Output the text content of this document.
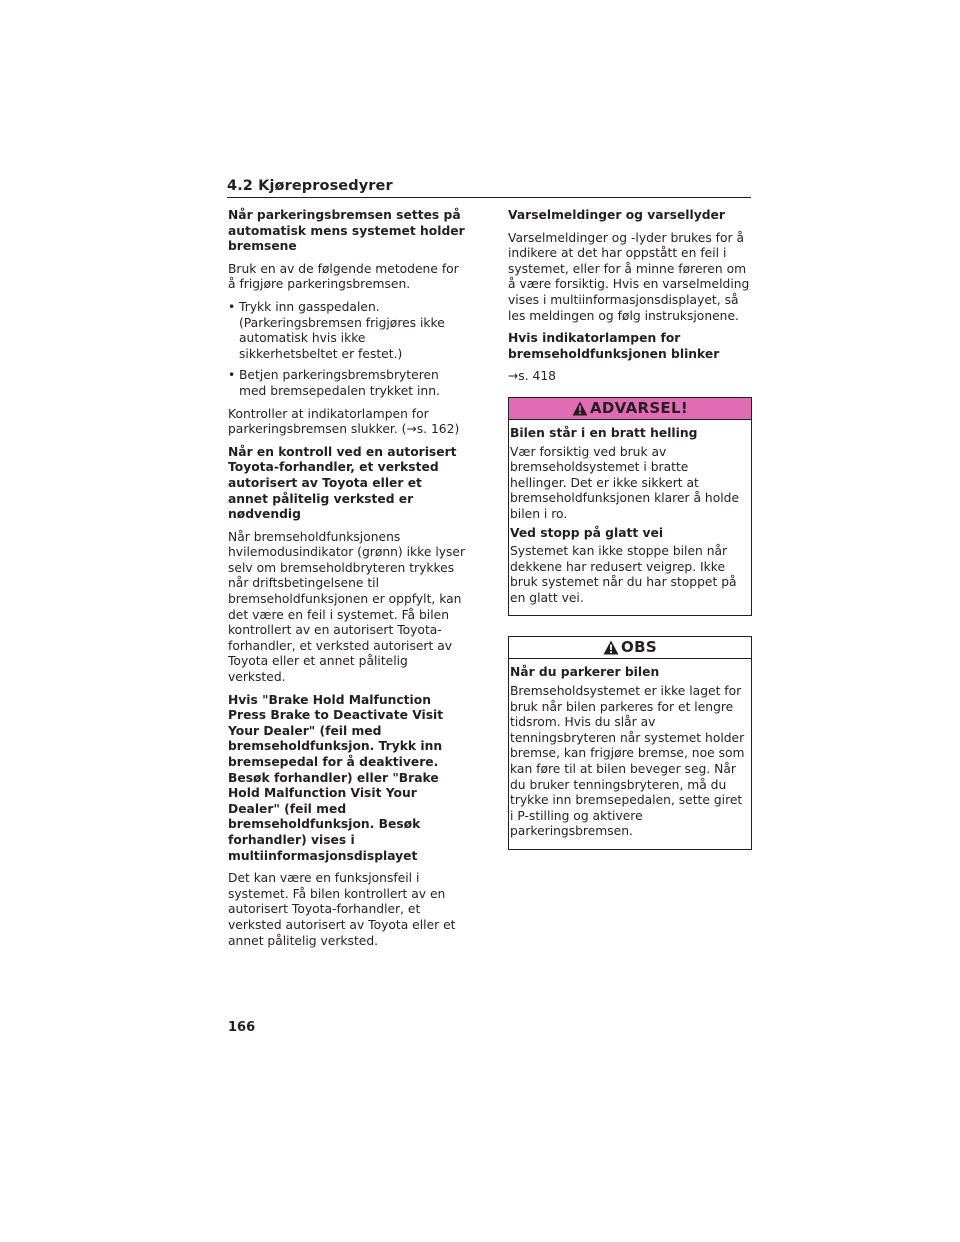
4.2 Kjøreprosedyrer
Når parkeringsbremsen settes på automatisk mens systemet holder bremsene
Bruk en av de følgende metodene for å frigjøre parkeringsbremsen.
• Trykk inn gasspedalen. (Parkeringsbremsen frigjøres ikke automatisk hvis ikke sikkerhetsbeltet er festet.)
• Betjen parkeringsbremsbryteren med bremsepedalen trykket inn.
Kontroller at indikatorlampen for parkeringsbremsen slukker. (→s. 162)
Når en kontroll ved en autorisert Toyota-forhandler, et verksted autorisert av Toyota eller et annet pålitelig verksted er nødvendig
Når bremseholdfunksjonens hvilemodusindikator (grønn) ikke lyser selv om bremseholdbryteren trykkes når driftsbetingelsene til bremseholdfunksjonen er oppfylt, kan det være en feil i systemet. Få bilen kontrollert av en autorisert Toyota-forhandler, et verksted autorisert av Toyota eller et annet pålitelig verksted.
Hvis "Brake Hold Malfunction Press Brake to Deactivate Visit Your Dealer" (feil med bremseholdfunksjon. Trykk inn bremsepedal for å deaktivere. Besøk forhandler) eller "Brake Hold Malfunction Visit Your Dealer" (feil med bremseholdfunksjon. Besøk forhandler) vises i multiinformasjonsdisplayet
Det kan være en funksjonsfeil i systemet. Få bilen kontrollert av en autorisert Toyota-forhandler, et verksted autorisert av Toyota eller et annet pålitelig verksted.
Varselmeldinger og varsellyder
Varselmeldinger og -lyder brukes for å indikere at det har oppstått en feil i systemet, eller for å minne føreren om å være forsiktig. Hvis en varselmelding vises i multiinformasjonsdisplayet, så les meldingen og følg instruksjonene.
Hvis indikatorlampen for bremseholdfunksjonen blinker
→s. 418
ADVARSEL!
Bilen står i en bratt helling
Vær forsiktig ved bruk av bremseholdsystemet i bratte hellinger. Det er ikke sikkert at bremseholdfunksjonen klarer å holde bilen i ro.
Ved stopp på glatt vei
Systemet kan ikke stoppe bilen når dekkene har redusert veigrep. Ikke bruk systemet når du har stoppet på en glatt vei.
OBS
Når du parkerer bilen
Bremseholdsystemet er ikke laget for bruk når bilen parkeres for et lengre tidsrom. Hvis du slår av tenningsbryteren når systemet holder bremse, kan frigjøre bremse, noe som kan føre til at bilen beveger seg. Når du bruker tenningsbryteren, må du trykke inn bremsepedalen, sette giret i P-stilling og aktivere parkeringsbremsen.
166
